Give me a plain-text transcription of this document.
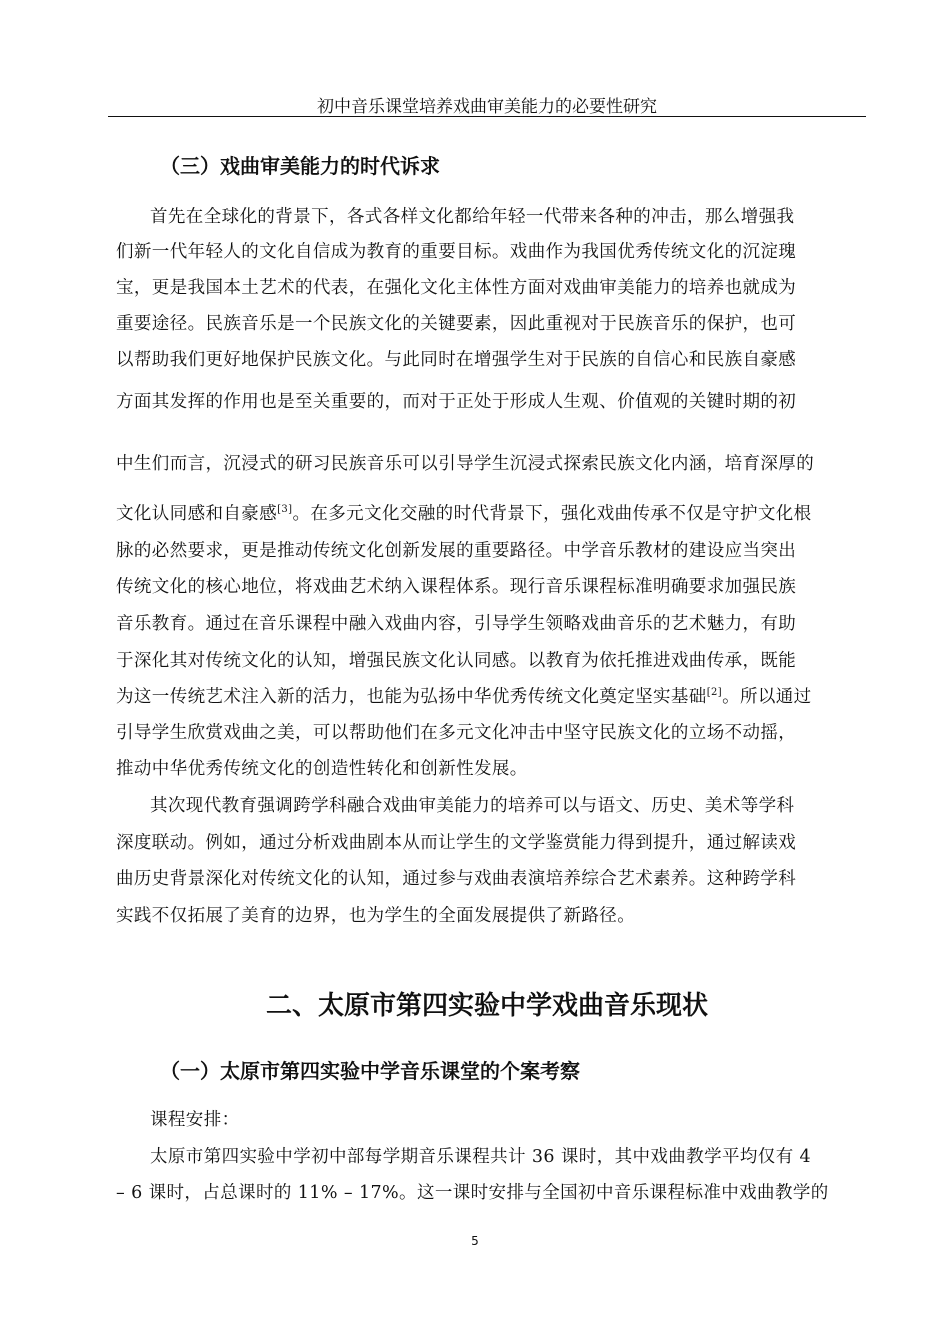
初中音乐课堂培养戏曲审美能力的必要性研究
（三）戏曲审美能力的时代诉求
首先在全球化的背景下，各式各样文化都给年轻一代带来各种的冲击，那么增强我
们新一代年轻人的文化自信成为教育的重要目标。戏曲作为我国优秀传统文化的沉淀瑰
宝，更是我国本土艺术的代表，在强化文化主体性方面对戏曲审美能力的培养也就成为
重要途径。民族音乐是一个民族文化的关键要素，因此重视对于民族音乐的保护，也可
以帮助我们更好地保护民族文化。与此同时在增强学生对于民族的自信心和民族自豪感
方面其发挥的作用也是至关重要的，而对于正处于形成人生观、价值观的关键时期的初
中生们而言，沉浸式的研习民族音乐可以引导学生沉浸式探索民族文化内涵，培育深厚的
文化认同感和自豪感[3]。在多元文化交融的时代背景下，强化戏曲传承不仅是守护文化根
脉的必然要求，更是推动传统文化创新发展的重要路径。中学音乐教材的建设应当突出
传统文化的核心地位，将戏曲艺术纳入课程体系。现行音乐课程标准明确要求加强民族
音乐教育。通过在音乐课程中融入戏曲内容，引导学生领略戏曲音乐的艺术魅力，有助
于深化其对传统文化的认知，增强民族文化认同感。以教育为依托推进戏曲传承，既能
为这一传统艺术注入新的活力，也能为弘扬中华优秀传统文化奠定坚实基础[2]。所以通过
引导学生欣赏戏曲之美，可以帮助他们在多元文化冲击中坚守民族文化的立场不动摇，
推动中华优秀传统文化的创造性转化和创新性发展。
其次现代教育强调跨学科融合戏曲审美能力的培养可以与语文、历史、美术等学科
深度联动。例如，通过分析戏曲剧本从而让学生的文学鉴赏能力得到提升，通过解读戏
曲历史背景深化对传统文化的认知，通过参与戏曲表演培养综合艺术素养。这种跨学科
实践不仅拓展了美育的边界，也为学生的全面发展提供了新路径。
二、太原市第四实验中学戏曲音乐现状
（一）太原市第四实验中学音乐课堂的个案考察
课程安排：
太原市第四实验中学初中部每学期音乐课程共计 36 课时，其中戏曲教学平均仅有 4
– 6 课时，占总课时的 11% – 17%。这一课时安排与全国初中音乐课程标准中戏曲教学的
5
